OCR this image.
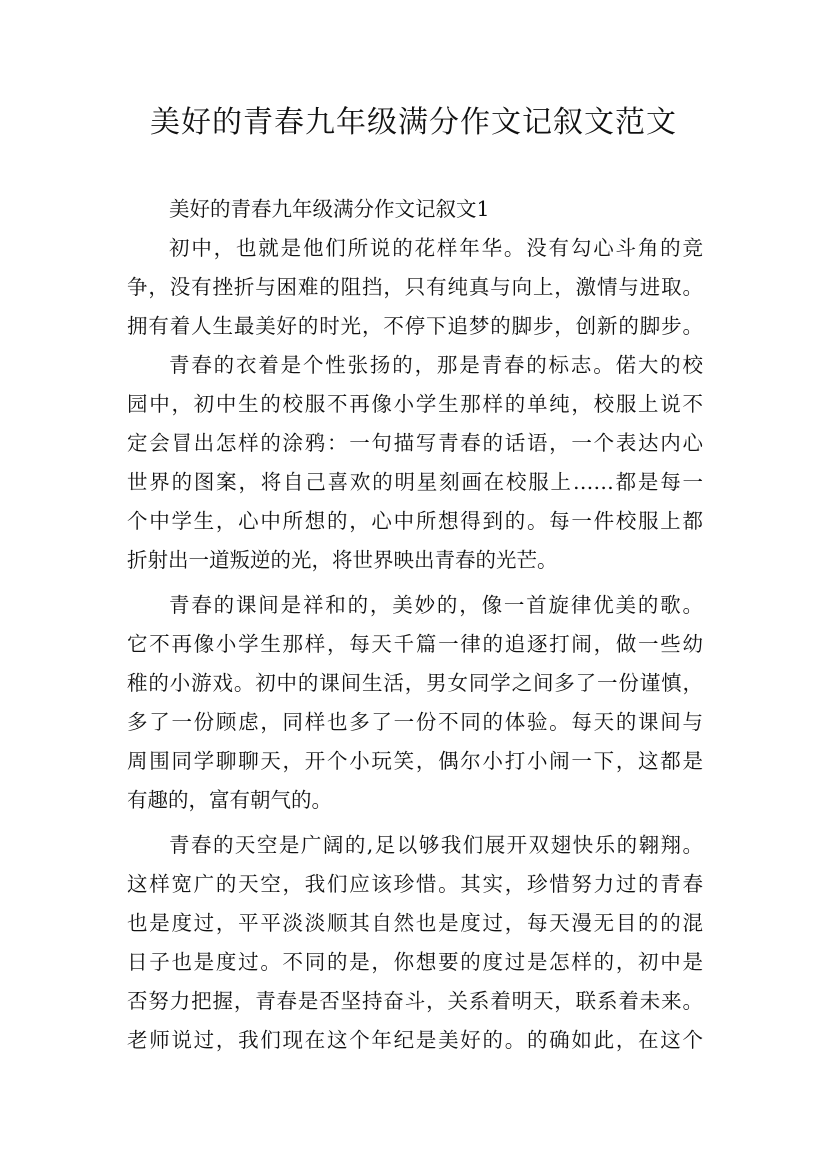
美好的青春九年级满分作文记叙文范文
美好的青春九年级满分作文记叙文1
初中，也就是他们所说的花样年华。没有勾心斗角的竞
争，没有挫折与困难的阻挡，只有纯真与向上，激情与进取。
拥有着人生最美好的时光，不停下追梦的脚步，创新的脚步。
青春的衣着是个性张扬的，那是青春的标志。偌大的校
园中，初中生的校服不再像小学生那样的单纯，校服上说不
定会冒出怎样的涂鸦：一句描写青春的话语，一个表达内心
世界的图案，将自己喜欢的明星刻画在校服上……都是每一
个中学生，心中所想的，心中所想得到的。每一件校服上都
折射出一道叛逆的光，将世界映出青春的光芒。
青春的课间是祥和的，美妙的，像一首旋律优美的歌。
它不再像小学生那样，每天千篇一律的追逐打闹，做一些幼
稚的小游戏。初中的课间生活，男女同学之间多了一份谨慎，
多了一份顾虑，同样也多了一份不同的体验。每天的课间与
周围同学聊聊天，开个小玩笑，偶尔小打小闹一下，这都是
有趣的，富有朝气的。
青春的天空是广阔的,足以够我们展开双翅快乐的翱翔。
这样宽广的天空，我们应该珍惜。其实，珍惜努力过的青春
也是度过，平平淡淡顺其自然也是度过，每天漫无目的的混
日子也是度过。不同的是，你想要的度过是怎样的，初中是
否努力把握，青春是否坚持奋斗，关系着明天，联系着未来。
老师说过，我们现在这个年纪是美好的。的确如此，在这个
